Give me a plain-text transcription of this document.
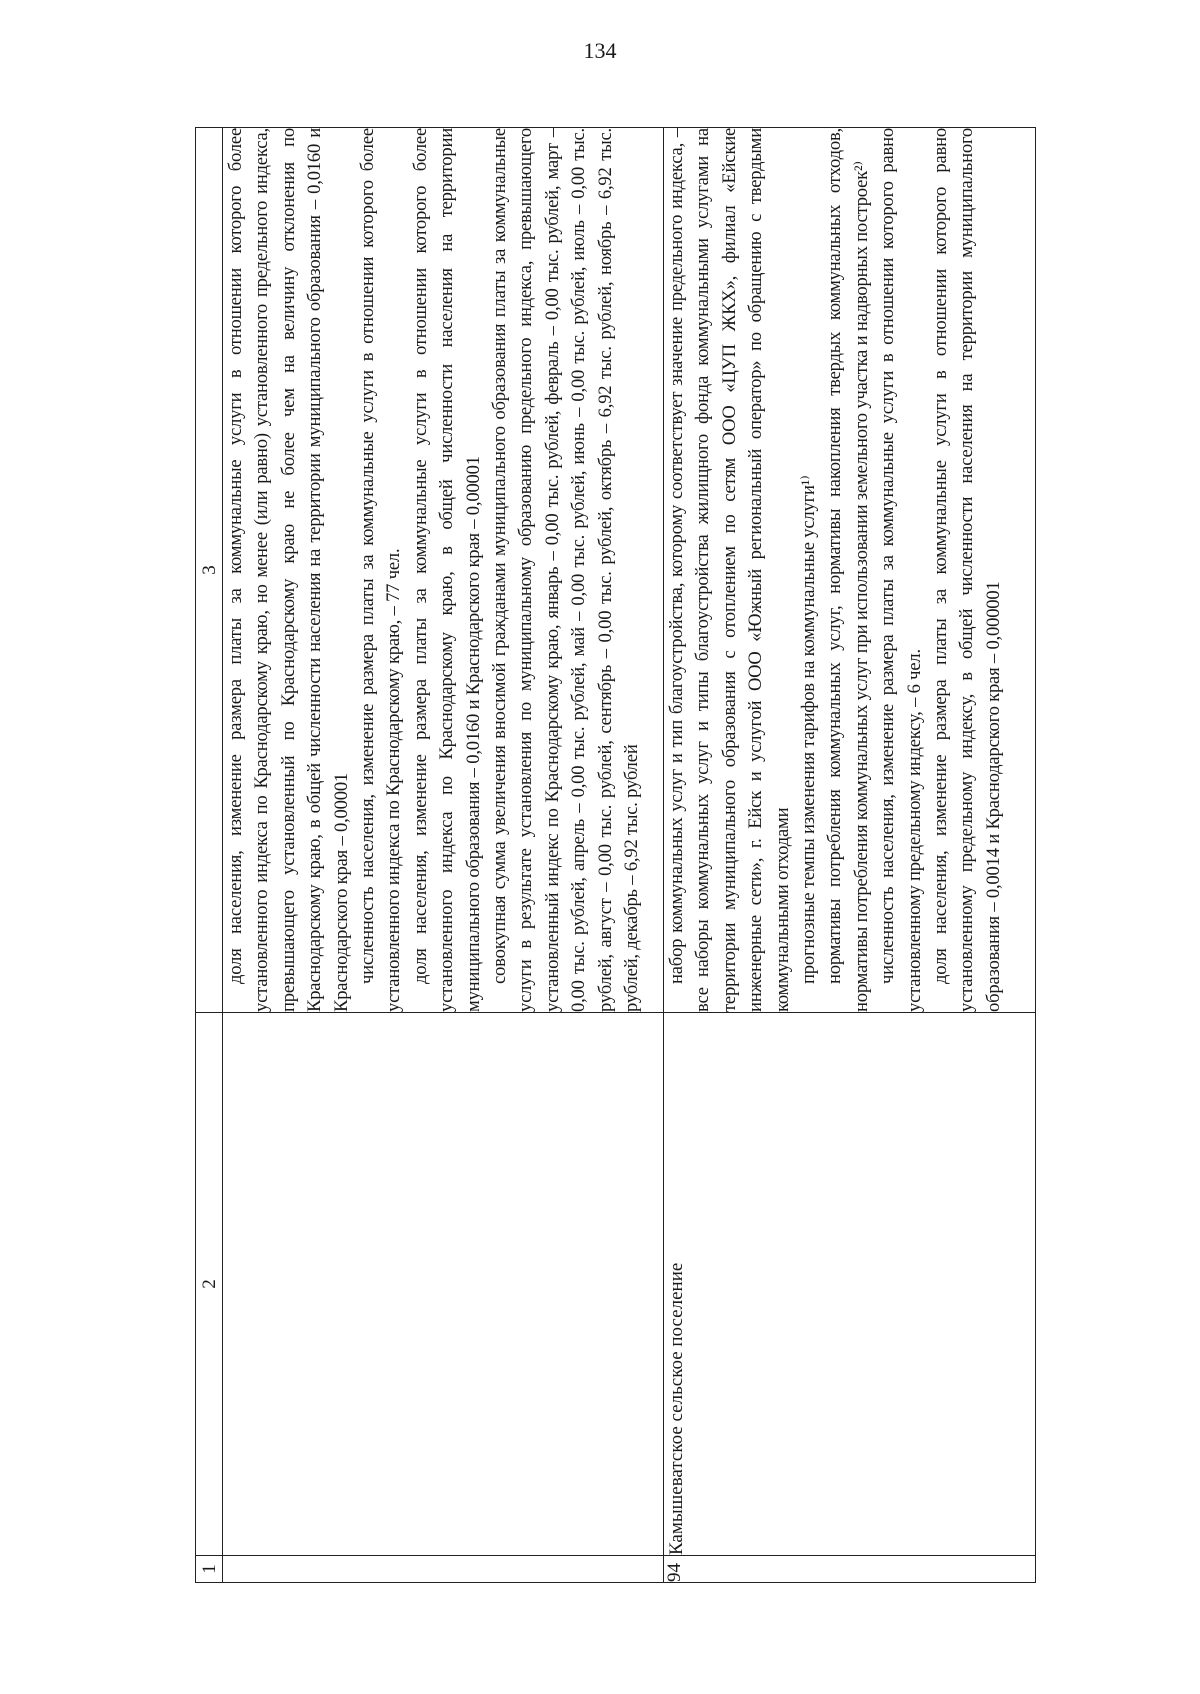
134
1	2	3

		доля населения, изменение размера платы за коммунальные услуги в отношении которого более установленного индекса по Краснодарскому краю, но менее (или равно) установленного предельного индекса, превышающего установленный по Краснодарскому краю не более чем на величину отклонения по Краснодарскому краю, в общей численности населения на территории муниципального образования – 0,0160 и Краснодарского края – 0,00001 численность населения, изменение размера платы за коммунальные услуги в отношении которого более установленного индекса по Краснодарскому краю, – 77 чел. доля населения, изменение размера платы за коммунальные услуги в отношении которого более установленного индекса по Краснодарскому краю, в общей численности населения на территории муниципального образования – 0,0160 и Краснодарского края – 0,00001 совокупная сумма увеличения вносимой гражданами муниципального образования платы за коммунальные услуги в результате установления по муниципальному образованию предельного индекса, превышающего установленный индекс по Краснодарскому краю, январь – 0,00 тыс. рублей, февраль – 0,00 тыс. рублей, март – 0,00 тыс. рублей, апрель – 0,00 тыс. рублей, май – 0,00 тыс. рублей, июнь – 0,00 тыс. рублей, июль – 0,00 тыс. рублей, август – 0,00 тыс. рублей, сентябрь – 0,00 тыс. рублей, октябрь – 6,92 тыс. рублей, ноябрь – 6,92 тыс. рублей, декабрь – 6,92 тыс. рублей

94	Камышеватское сельское поселение	набор коммунальных услуг и тип благоустройства, которому соответствует значение предельного индекса, – все наборы коммунальных услуг и типы благоустройства жилищного фонда коммунальными услугами на территории муниципального образования с отоплением по сетям ООО «ЦУП ЖКХ», филиал «Ейские инженерные сети», г. Ейск и услугой ООО «Южный региональный оператор» по обращению с твердыми коммунальными отходами прогнозные темпы изменения тарифов на коммунальные услуги¹⁾ нормативы потребления коммунальных услуг, нормативы накопления твердых коммунальных отходов, нормативы потребления коммунальных услуг при использовании земельного участка и надворных построек²⁾ численность населения, изменение размера платы за коммунальные услуги в отношении которого равно установленному предельному индексу, – 6 чел. доля населения, изменение размера платы за коммунальные услуги в отношении которого равно установленному предельному индексу, в общей численности населения на территории муниципального образования – 0,0014 и Краснодарского края – 0,000001
